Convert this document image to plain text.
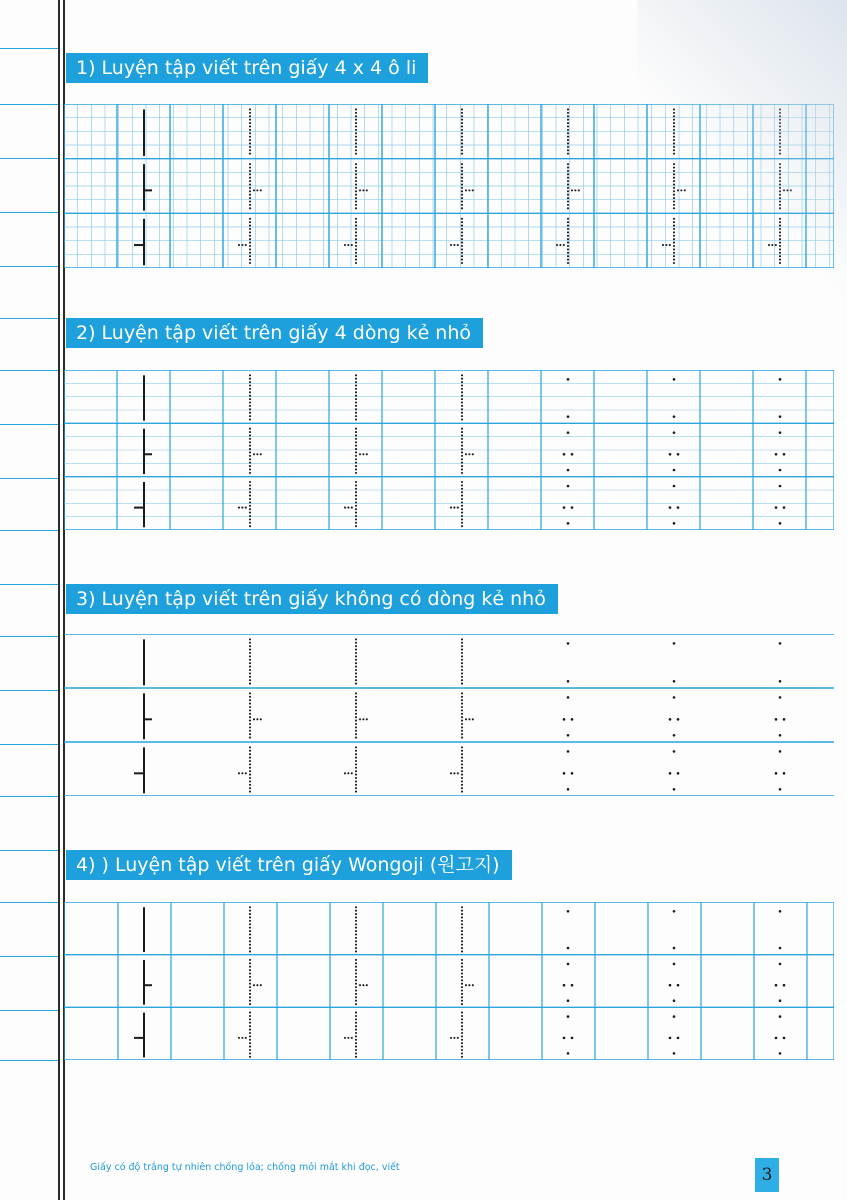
1) Luyện tập viết trên giấy 4 x 4 ô li
2) Luyện tập viết trên giấy 4 dòng kẻ nhỏ
3) Luyện tập viết trên giấy không có dòng kẻ nhỏ
4) ) Luyện tập viết trên giấy Wongoji (원고지)
Giấy có độ trắng tự nhiên chống lóa; chống mỏi mắt khi đọc, viết	3
